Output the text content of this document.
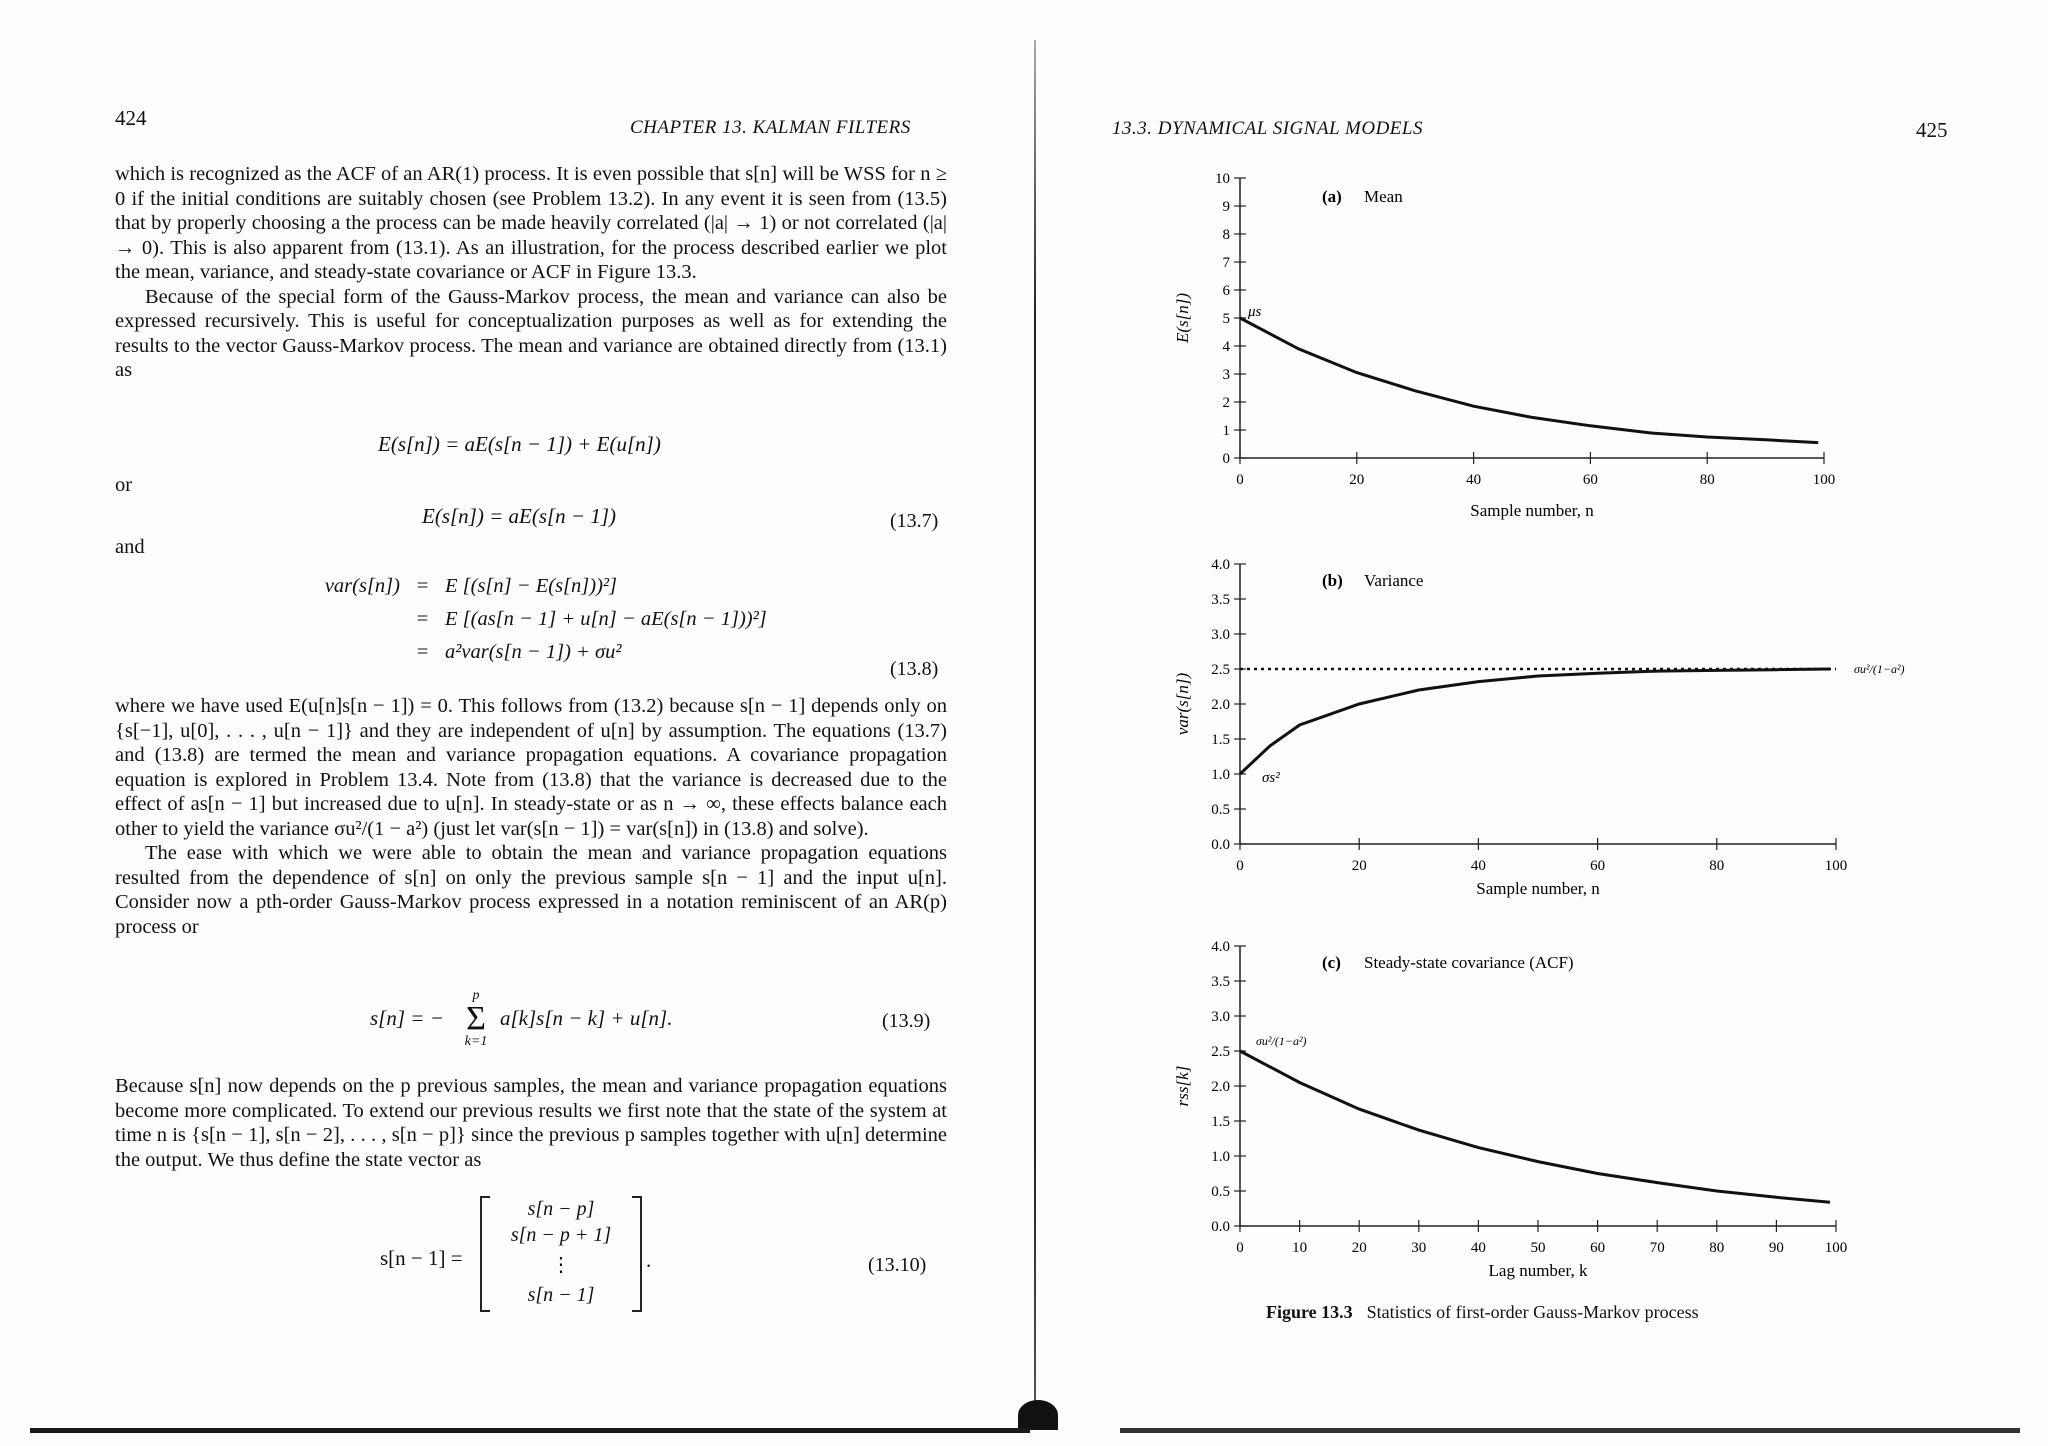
424	CHAPTER 13. KALMAN FILTERS

which is recognized as the ACF of an AR(1) process. It is even possible that s[n] will be WSS for n ≥ 0 if the initial conditions are suitably chosen (see Problem 13.2). In any event it is seen from (13.5) that by properly choosing a the process can be made heavily correlated (|a| → 1) or not correlated (|a| → 0). This is also apparent from (13.1). As an illustration, for the process described earlier we plot the mean, variance, and steady-state covariance or ACF in Figure 13.3.

Because of the special form of the Gauss-Markov process, the mean and variance can also be expressed recursively. This is useful for conceptualization purposes as well as for extending the results to the vector Gauss-Markov process. The mean and variance are obtained directly from (13.1) as

E(s[n]) = aE(s[n − 1]) + E(u[n])
or
E(s[n]) = aE(s[n − 1])	(13.7)
and
var(s[n]) = E [(s[n] − E(s[n]))²]
= E [(as[n − 1] + u[n] − aE(s[n − 1]))²]
= a²var(s[n − 1]) + σu²
(13.8)

where we have used E(u[n]s[n − 1]) = 0. This follows from (13.2) because s[n − 1] depends only on {s[−1], u[0], . . . , u[n − 1]} and they are independent of u[n] by assumption. The equations (13.7) and (13.8) are termed the mean and variance propagation equations. A covariance propagation equation is explored in Problem 13.4. Note from (13.8) that the variance is decreased due to the effect of as[n − 1] but increased due to u[n]. In steady-state or as n → ∞, these effects balance each other to yield the variance σu²/(1 − a²) (just let var(s[n − 1]) = var(s[n]) in (13.8) and solve).

The ease with which we were able to obtain the mean and variance propagation equations resulted from the dependence of s[n] on only the previous sample s[n − 1] and the input u[n]. Consider now a pth-order Gauss-Markov process expressed in a notation reminiscent of an AR(p) process or

s[n] = −
p
Σ
k=1
a[k]s[n − k] + u[n].	(13.9)

Because s[n] now depends on the p previous samples, the mean and variance propagation equations become more complicated. To extend our previous results we first note that the state of the system at time n is {s[n − 1], s[n − 2], . . . , s[n − p]} since the previous p samples together with u[n] determine the output. We thus define the state vector as

s[n − 1] =
s[n − p]
s[n − p + 1]
⋮
s[n − 1]
.	(13.10)
13.3. DYNAMICAL SIGNAL MODELS	425
0
1
2
3
4
5
6
7
8
9
10
0	20	40	60	80	100
Sample number, n
E(s[n])
(a) Mean
μs
0.0
0.5
1.0
1.5
2.0
2.5
3.0
3.5
4.0
0	20	40	60	80	100
Sample number, n
var(s[n])
(b) Variance
σs²
σu²/(1−a²)
0.0
0.5
1.0
1.5
2.0
2.5
3.0
3.5
4.0
0	10	20	30	40	50	60	70	80	90	100
Lag number, k
rss[k]
(c) Steady-state covariance (ACF)
σu²/(1−a²)
Figure 13.3 Statistics of first-order Gauss-Markov process
